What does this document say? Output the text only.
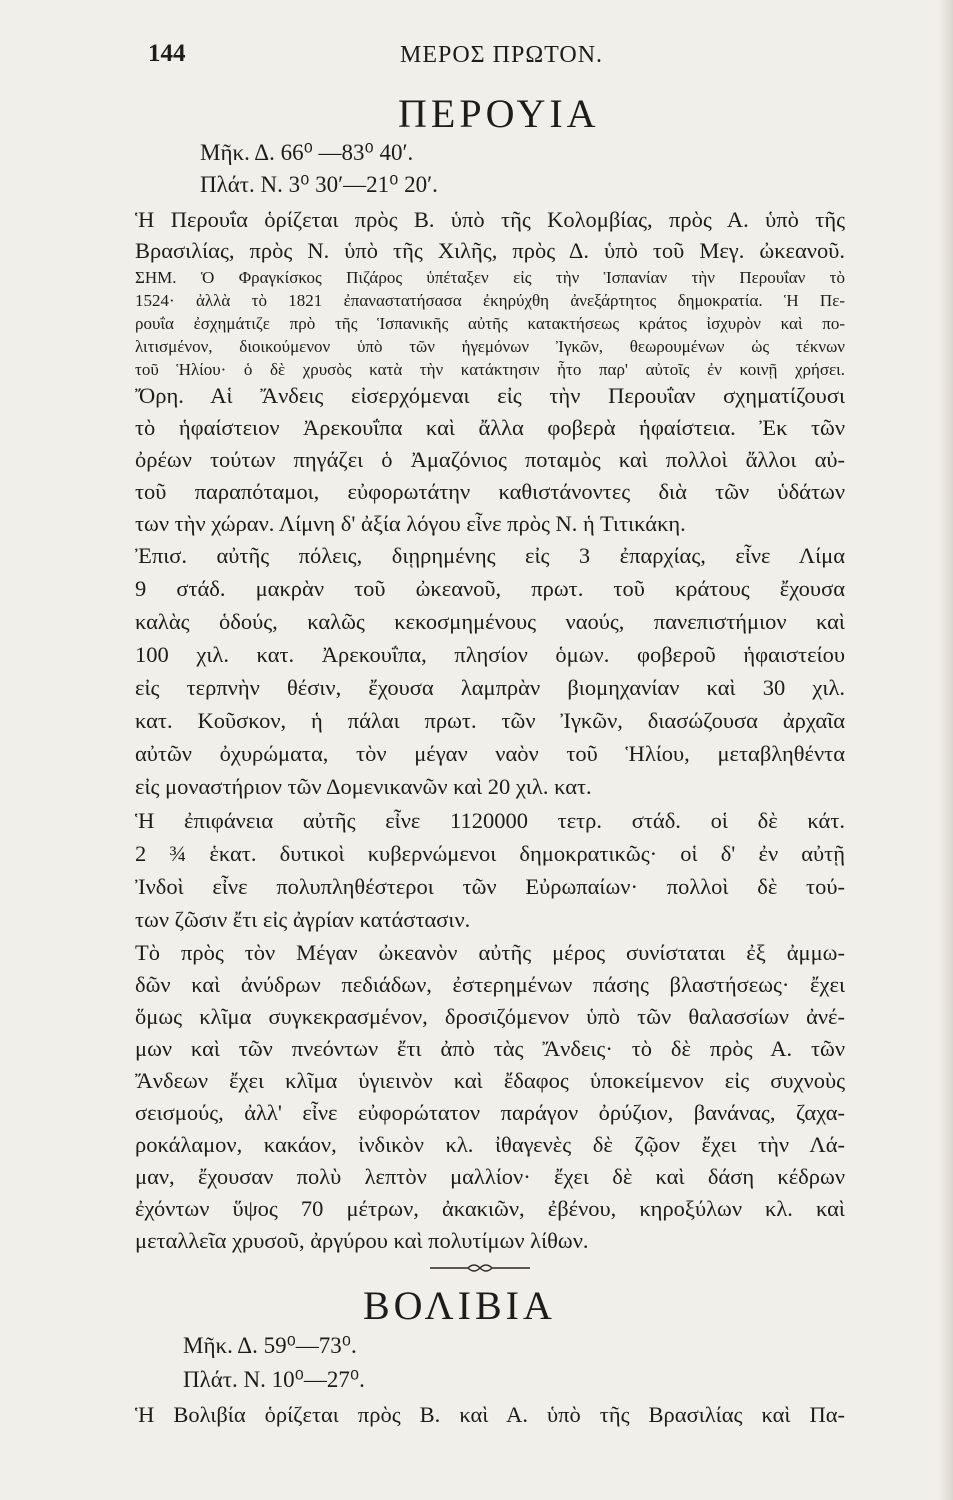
144	ΜΕΡΟΣ ΠΡΩΤΟΝ.
ΠΕΡΟΥΙΑ
Μῆκ. Δ. 66⁰ —83⁰ 40′.
Πλάτ. Ν. 3⁰ 30′—21⁰ 20′.
Ἡ Περουΐα ὁρίζεται πρὸς Β. ὑπὸ τῆς Κολομβίας, πρὸς Α. ὑπὸ τῆς
Βρασιλίας, πρὸς Ν. ὑπὸ τῆς Χιλῆς, πρὸς Δ. ὑπὸ τοῦ Μεγ. ὠκεανοῦ.
ΣΗΜ. Ὁ Φραγκίσκος Πιζάρος ὑπέταξεν εἰς τὴν Ἱσπανίαν τὴν Περουΐαν τὸ
1524· ἀλλὰ τὸ 1821 ἐπαναστατήσασα ἐκηρύχθη ἀνεξάρτητος δημοκρατία. Ἡ Πε-
ρουΐα ἐσχημάτιζε πρὸ τῆς Ἱσπανικῆς αὐτῆς κατακτήσεως κράτος ἰσχυρὸν καὶ πο-
λιτισμένον, διοικούμενον ὑπὸ τῶν ἡγεμόνων Ἰγκῶν, θεωρουμένων ὡς τέκνων
τοῦ Ἡλίου· ὁ δὲ χρυσὸς κατὰ τὴν κατάκτησιν ἦτο παρ' αὐτοῖς ἐν κοινῇ χρήσει.
Ὄρη. Αἱ Ἄνδεις εἰσερχόμεναι εἰς τὴν Περουΐαν σχηματίζουσι
τὸ ἡφαίστειον Ἀρεκουΐπα καὶ ἄλλα φοβερὰ ἡφαίστεια. Ἐκ τῶν
ὀρέων τούτων πηγάζει ὁ Ἀμαζόνιος ποταμὸς καὶ πολλοὶ ἄλλοι αὐ-
τοῦ παραπόταμοι, εὐφορωτάτην καθιστάνοντες διὰ τῶν ὑδάτων
των τὴν χώραν. Λίμνη δ' ἀξία λόγου εἶνε πρὸς Ν. ἡ Τιτικάκη.
Ἐπισ. αὐτῆς πόλεις, διῃρημένης εἰς 3 ἐπαρχίας, εἶνε Λίμα
9 στάδ. μακρὰν τοῦ ὠκεανοῦ, πρωτ. τοῦ κράτους ἔχουσα
καλὰς ὁδούς, καλῶς κεκοσμημένους ναούς, πανεπιστήμιον καὶ
100 χιλ. κατ. Ἀρεκουΐπα, πλησίον ὁμων. φοβεροῦ ἡφαιστείου
εἰς τερπνὴν θέσιν, ἔχουσα λαμπρὰν βιομηχανίαν καὶ 30 χιλ.
κατ. Κοῦσκον, ἡ πάλαι πρωτ. τῶν Ἰγκῶν, διασώζουσα ἀρχαῖα
αὐτῶν ὀχυρώματα, τὸν μέγαν ναὸν τοῦ Ἡλίου, μεταβληθέντα
εἰς μοναστήριον τῶν Δομενικανῶν καὶ 20 χιλ. κατ.
Ἡ ἐπιφάνεια αὐτῆς εἶνε 1120000 τετρ. στάδ. οἱ δὲ κάτ.
2 ¾ ἑκατ. δυτικοὶ κυβερνώμενοι δημοκρατικῶς· οἱ δ' ἐν αὐτῇ
Ἰνδοὶ εἶνε πολυπληθέστεροι τῶν Εὐρωπαίων· πολλοὶ δὲ τού-
των ζῶσιν ἔτι εἰς ἀγρίαν κατάστασιν.
Τὸ πρὸς τὸν Μέγαν ὠκεανὸν αὐτῆς μέρος συνίσταται ἐξ ἀμμω-
δῶν καὶ ἀνύδρων πεδιάδων, ἐστερημένων πάσης βλαστήσεως· ἔχει
ὅμως κλῖμα συγκεκρασμένον, δροσιζόμενον ὑπὸ τῶν θαλασσίων ἀνέ-
μων καὶ τῶν πνεόντων ἔτι ἀπὸ τὰς Ἄνδεις· τὸ δὲ πρὸς Α. τῶν
Ἄνδεων ἔχει κλῖμα ὑγιεινὸν καὶ ἔδαφος ὑποκείμενον εἰς συχνοὺς
σεισμούς, ἀλλ' εἶνε εὐφορώτατον παράγον ὀρύζιον, βανάνας, ζαχα-
ροκάλαμον, κακάον, ἰνδικὸν κλ. ἰθαγενὲς δὲ ζῷον ἔχει τὴν Λά-
μαν, ἔχουσαν πολὺ λεπτὸν μαλλίον· ἔχει δὲ καὶ δάση κέδρων
ἐχόντων ὕψος 70 μέτρων, ἀκακιῶν, ἐβένου, κηροξύλων κλ. καὶ
μεταλλεῖα χρυσοῦ, ἀργύρου καὶ πολυτίμων λίθων.
ΒΟΛΙΒΙΑ
Μῆκ. Δ. 59⁰—73⁰.
Πλάτ. Ν. 10⁰—27⁰.
Ἡ Βολιβία ὁρίζεται πρὸς Β. καὶ Α. ὑπὸ τῆς Βρασιλίας καὶ Πα-
